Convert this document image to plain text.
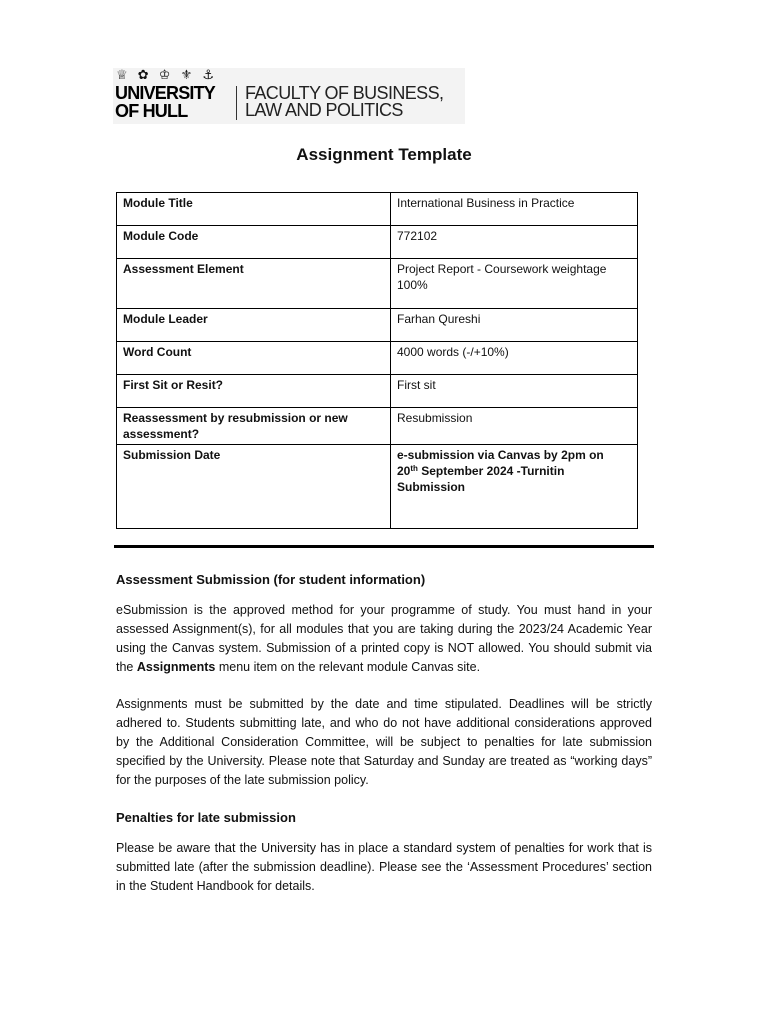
♕ ✿ ♔ ⚜ ⚓
UNIVERSITY
OF HULL
FACULTY OF BUSINESS,
LAW AND POLITICS
Assignment Template
Module Title	International Business in Practice
Module Code	772102
Assessment Element	Project Report - Coursework weightage 100%
Module Leader	Farhan Qureshi
Word Count	4000 words (-/+10%)
First Sit or Resit?	First sit
Reassessment by resubmission or new assessment?	Resubmission
Submission Date	e-submission via Canvas by 2pm on
20th September 2024 -Turnitin Submission
Assessment Submission (for student information)

eSubmission is the approved method for your programme of study. You must hand in your assessed Assignment(s), for all modules that you are taking during the 2023/24 Academic Year using the Canvas system. Submission of a printed copy is NOT allowed. You should submit via the Assignments menu item on the relevant module Canvas site.

Assignments must be submitted by the date and time stipulated. Deadlines will be strictly adhered to. Students submitting late, and who do not have additional considerations approved by the Additional Consideration Committee, will be subject to penalties for late submission specified by the University. Please note that Saturday and Sunday are treated as “working days” for the purposes of the late submission policy.

Penalties for late submission

Please be aware that the University has in place a standard system of penalties for work that is submitted late (after the submission deadline). Please see the ‘Assessment Procedures’ section in the Student Handbook for details.
